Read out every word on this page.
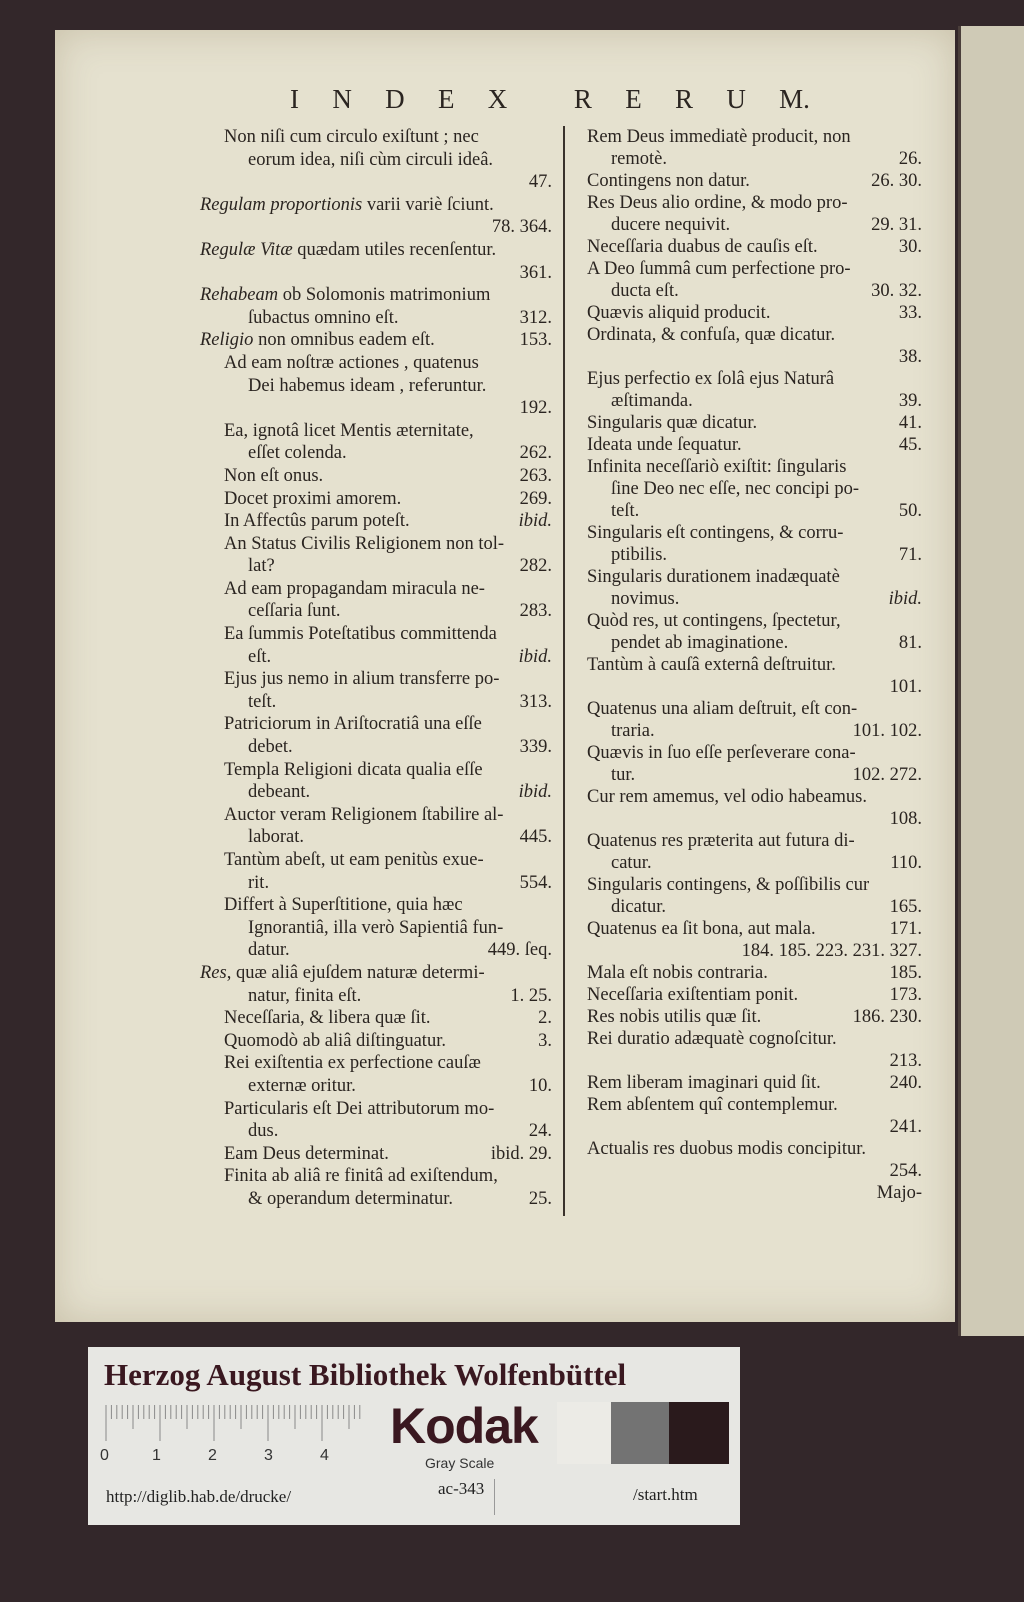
I N D E X R E R U M.
Non niſi cum circulo exiſtunt ; nec
eorum idea, niſi cùm circuli ideâ.
47.
Regulam proportionis varii variè ſciunt.
78. 364.
Regulæ Vitæ quædam utiles recenſentur.
361.
Rehabeam ob Solomonis matrimonium
ſubactus omnino eſt.	312.
Religio non omnibus eadem eſt.	153.
Ad eam noſtræ actiones , quatenus
Dei habemus ideam , referuntur.
192.
Ea, ignotâ licet Mentis æternitate,
eſſet colenda.	262.
Non eſt onus.	263.
Docet proximi amorem.	269.
In Affectûs parum poteſt.	ibid.
An Status Civilis Religionem non tol-
lat?	282.
Ad eam propagandam miracula ne-
ceſſaria ſunt.	283.
Ea ſummis Poteſtatibus committenda
eſt.	ibid.
Ejus jus nemo in alium transferre po-
teſt.	313.
Patriciorum in Ariſtocratiâ una eſſe
debet.	339.
Templa Religioni dicata qualia eſſe
debeant.	ibid.
Auctor veram Religionem ſtabilire al-
laborat.	445.
Tantùm abeſt, ut eam penitùs exue-
rit.	554.
Differt à Superſtitione, quia hæc
Ignorantiâ, illa verò Sapientiâ fun-
datur.	449. ſeq.
Res, quæ aliâ ejuſdem naturæ determi-
natur, finita eſt.	1. 25.
Neceſſaria, & libera quæ ſit.	2.
Quomodò ab aliâ diſtinguatur.	3.
Rei exiſtentia ex perfectione cauſæ
externæ oritur.	10.
Particularis eſt Dei attributorum mo-
dus.	24.
Eam Deus determinat.	ibid. 29.
Finita ab aliâ re finitâ ad exiſtendum,
& operandum determinatur.	25.
Rem Deus immediatè producit, non
remotè.	26.
Contingens non datur.	26. 30.
Res Deus alio ordine, & modo pro-
ducere nequivit.	29. 31.
Neceſſaria duabus de cauſis eſt.	30.
A Deo ſummâ cum perfectione pro-
ducta eſt.	30. 32.
Quævis aliquid producit.	33.
Ordinata, & confuſa, quæ dicatur.
38.
Ejus perfectio ex ſolâ ejus Naturâ
æſtimanda.	39.
Singularis quæ dicatur.	41.
Ideata unde ſequatur.	45.
Infinita neceſſariò exiſtit: ſingularis
ſine Deo nec eſſe, nec concipi po-
teſt.	50.
Singularis eſt contingens, & corru-
ptibilis.	71.
Singularis durationem inadæquatè
novimus.	ibid.
Quòd res, ut contingens, ſpectetur,
pendet ab imaginatione.	81.
Tantùm à cauſâ externâ deſtruitur.
101.
Quatenus una aliam deſtruit, eſt con-
traria.	101. 102.
Quævis in ſuo eſſe perſeverare cona-
tur.	102. 272.
Cur rem amemus, vel odio habeamus.
108.
Quatenus res præterita aut futura di-
catur.	110.
Singularis contingens, & poſſibilis cur
dicatur.	165.
Quatenus ea ſit bona, aut mala.	171.
184. 185. 223. 231. 327.
Mala eſt nobis contraria.	185.
Neceſſaria exiſtentiam ponit.	173.
Res nobis utilis quæ ſit.	186. 230.
Rei duratio adæquatè cognoſcitur.
213.
Rem liberam imaginari quid ſit.	240.
Rem abſentem quî contemplemur.
241.
Actualis res duobus modis concipitur.
254.
Majo-
Herzog August Bibliothek Wolfenbüttel
0	1	2	3	4
Kodak
Gray Scale
http://diglib.hab.de/drucke/	ac-343	/start.htm
